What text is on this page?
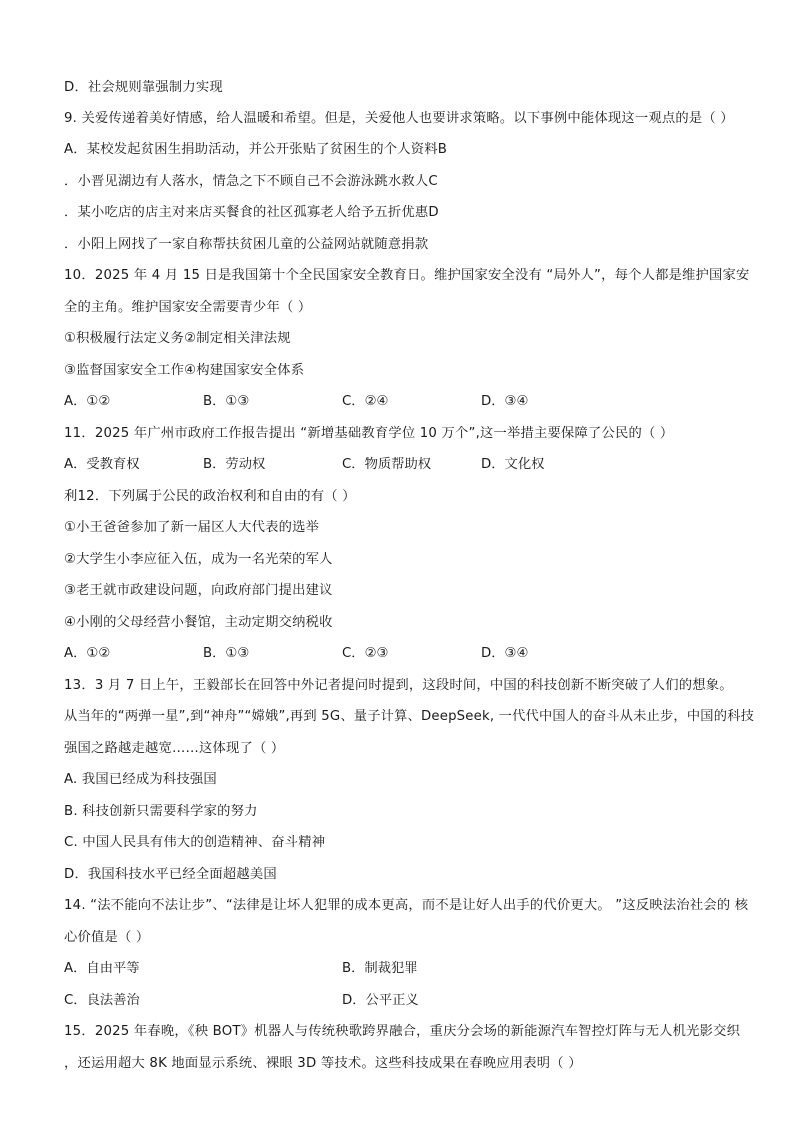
D．社会规则靠强制力实现
9. 关爱传递着美好情感，给人温暖和希望。但是，关爱他人也要讲求策略。以下事例中能体现这一观点的是（ ）
A．某校发起贫困生捐助活动，并公开张贴了贫困生的个人资料B
．小晋见湖边有人落水，情急之下不顾自己不会游泳跳水救人C
．某小吃店的店主对来店买餐食的社区孤寡老人给予五折优惠D
．小阳上网找了一家自称帮扶贫困儿童的公益网站就随意捐款
10．2025 年 4 月 15 日是我国第十个全民国家安全教育日。维护国家安全没有 “局外人”，每个人都是维护国家安
全的主角。维护国家安全需要青少年（ ）
①积极履行法定义务②制定相关津法规
③监督国家安全工作④构建国家安全体系
A．①②	B．①③	C．②④	D．③④
11．2025 年广州市政府工作报告提出 “新增基础教育学位 10 万个”,这一举措主要保障了公民的（ ）
A．受教育权	B．劳动权	C．物质帮助权	D．文化权
利12．下列属于公民的政治权利和自由的有（ ）
①小王爸爸参加了新一届区人大代表的选举
②大学生小李应征入伍，成为一名光荣的军人
③老王就市政建设问题，向政府部门提出建议
④小刚的父母经营小餐馆，主动定期交纳税收
A．①②	B．①③	C．②③	D．③④
13．3 月 7 日上午，王毅部长在回答中外记者提问时提到，这段时间，中国的科技创新不断突破了人们的想象。
从当年的“两弹一星”,到“神舟”“嫦娥”,再到 5G、量子计算、DeepSeek, 一代代中国人的奋斗从未止步，中国的科技
强国之路越走越宽……这体现了（ ）
A. 我国已经成为科技强国
B. 科技创新只需要科学家的努力
C. 中国人民具有伟大的创造精神、奋斗精神
D．我国科技水平已经全面超越美国
14. “法不能向不法让步”、“法律是让坏人犯罪的成本更高，而不是让好人出手的代价更大。 ”这反映法治社会的 核
心价值是（ ）
A．自由平等	B．制裁犯罪
C．良法善治	D．公平正义
15．2025 年春晚，《秧 BOT》机器人与传统秧歌跨界融合，重庆分会场的新能源汽车智控灯阵与无人机光影交织
，还运用超大 8K 地面显示系统、裸眼 3D 等技术。这些科技成果在春晚应用表明（ ）
